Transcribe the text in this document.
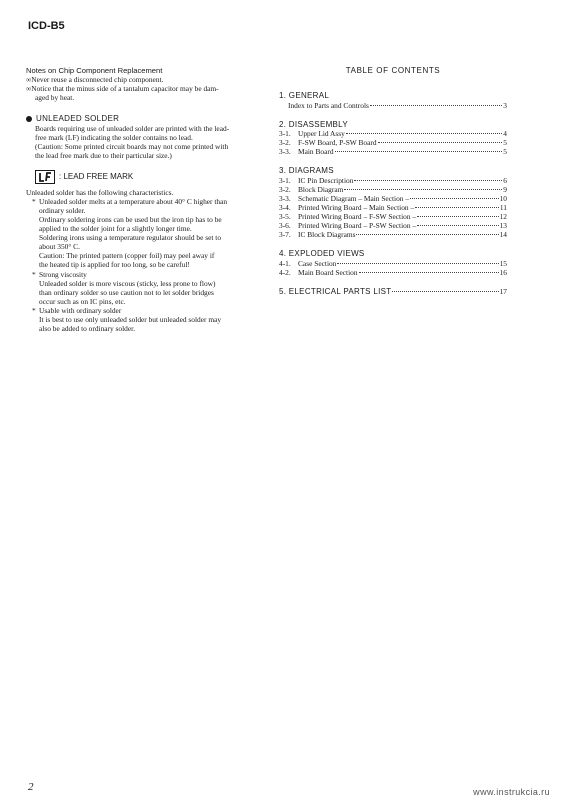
ICD-B5
Notes on Chip Component Replacement

∞Never reuse a disconnected chip component.

∞Notice that the minus side of a tantalum capacitor may be dam-

aged by heat.

UNLEADED SOLDER

Boards requiring use of unleaded solder are printed with the lead-

free mark (LF) indicating the solder contains no lead.

(Caution: Some printed circuit boards may not come printed with

the lead free mark due to their particular size.)

: LEAD FREE MARK

Unleaded solder has the following characteristics.

* Unleaded solder melts at a temperature about 40° C higher than

ordinary solder.

Ordinary soldering irons can be used but the iron tip has to be

applied to the solder joint for a slightly longer time.

Soldering irons using a temperature regulator should be set to

about 350° C.

Caution: The printed pattern (copper foil) may peel away if

the heated tip is applied for too long, so be careful!

* Strong viscosity

Unleaded solder is more viscous (sticky, less prone to flow)

than ordinary solder so use caution not to let solder bridges

occur such as on IC pins, etc.

* Usable with ordinary solder

It is best to use only unleaded solder but unleaded solder may

also be added to ordinary solder.

TABLE OF CONTENTS
1. GENERAL
Index to Parts and Controls	3
2. DISASSEMBLY
3-1. Upper Lid Assy	4
3-2. F-SW Board, P-SW Board	5
3-3. Main Board	5
3. DIAGRAMS
3-1. IC Pin Description	6
3-2. Block Diagram	9
3-3. Schematic Diagram – Main Section –	10
3-4. Printed Wiring Board – Main Section –	11
3-5. Printed Wiring Board – F-SW Section –	12
3-6. Printed Wiring Board – P-SW Section –	13
3-7. IC Block Diagrams	14
4. EXPLODED VIEWS
4-1. Case Section	15
4-2. Main Board Section	16
5. ELECTRICAL PARTS LIST	17
2	www.instrukcia.ru
